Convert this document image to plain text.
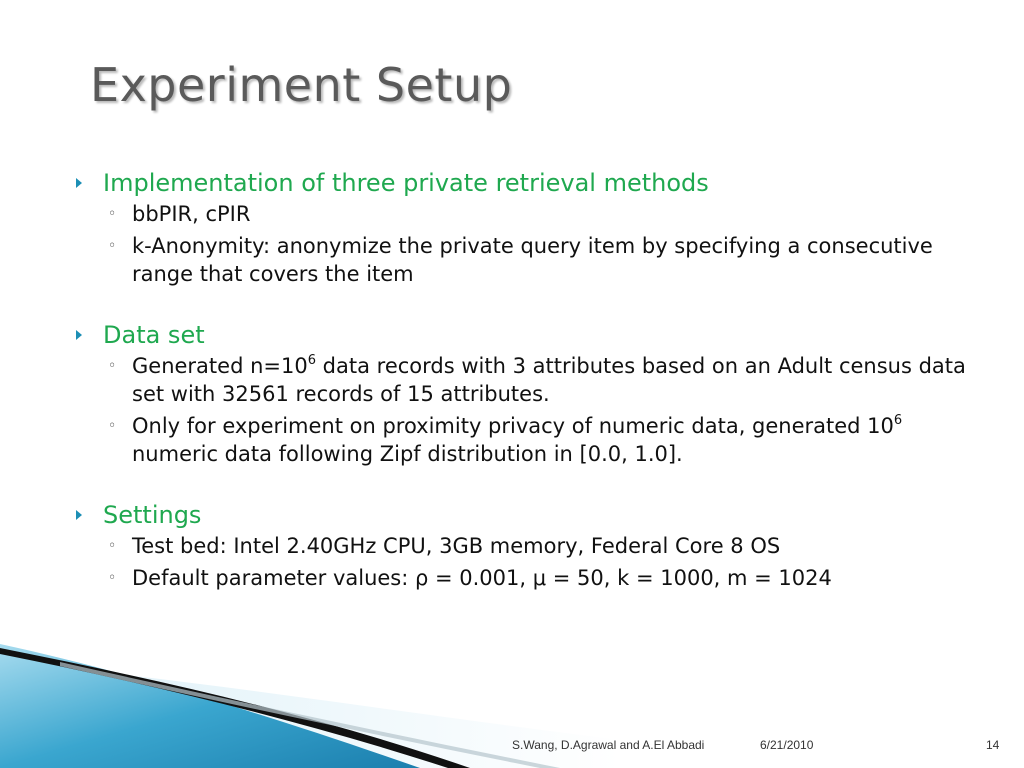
Experiment Setup
Implementation of three private retrieval methods
◦ bbPIR, cPIR
◦ k-Anonymity: anonymize the private query item by specifying a consecutive range that covers the item
Data set
◦ Generated $n=10^6$ data records with 3 attributes based on an Adult census data set with 32561 records of 15 attributes.
◦ Only for experiment on proximity privacy of numeric data, generated $10^6$ numeric data following Zipf distribution in [0.0, 1.0].
Settings
◦ Test bed: Intel 2.40GHz CPU, 3GB memory, Federal Core 8 OS
◦ Default parameter values: ρ = 0.001, μ = 50, k = 1000, m = 1024
S.Wang, D.Agrawal and A.El Abbadi	6/21/2010	14
